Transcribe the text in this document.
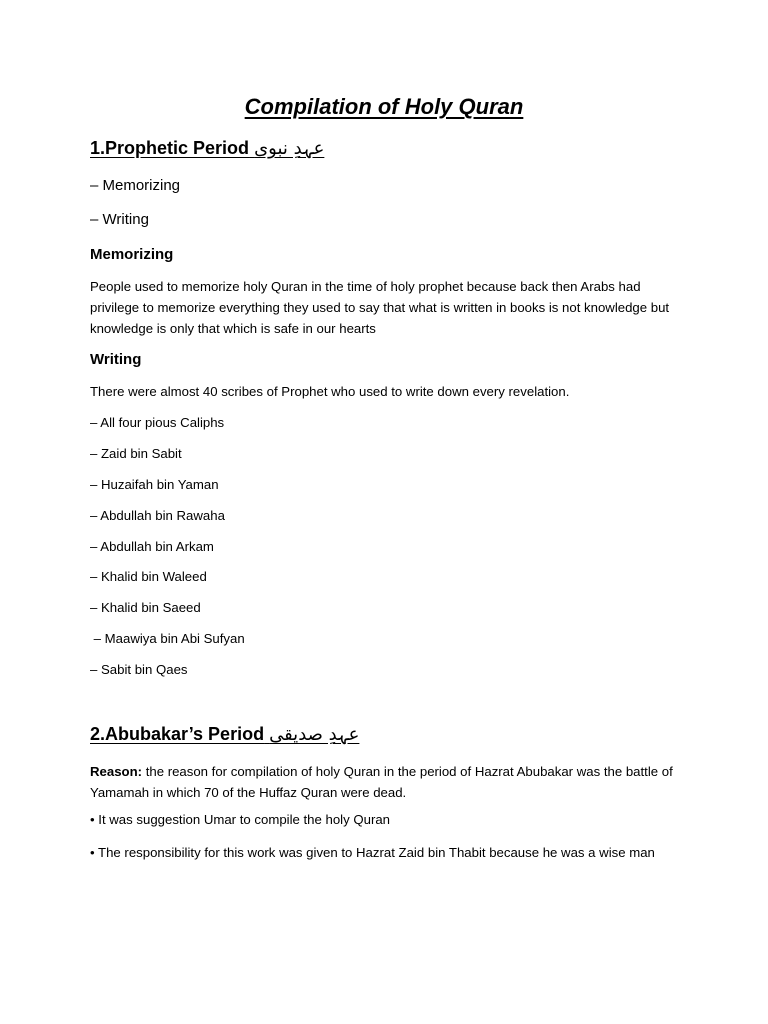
Compilation of Holy Quran
1.Prophetic Period عہدِ نبوی
– Memorizing
– Writing
Memorizing
People used to memorize holy Quran in the time of holy prophet because back then Arabs had privilege to memorize everything they used to say that what is written in books is not knowledge but knowledge is only that which is safe in our hearts
Writing
There were almost 40 scribes of Prophet who used to write down every revelation.
– All four pious Caliphs
– Zaid bin Sabit
– Huzaifah bin Yaman
– Abdullah bin Rawaha
– Abdullah bin Arkam
– Khalid bin Waleed
– Khalid bin Saeed
– Maawiya bin Abi Sufyan
– Sabit bin Qaes
2.Abubakar’s Period عہدِ صدیقی
Reason: the reason for compilation of holy Quran in the period of Hazrat Abubakar was the battle of Yamamah in which 70 of the Huffaz Quran were dead.
• It was suggestion Umar to compile the holy Quran
• The responsibility for this work was given to Hazrat Zaid bin Thabit because he was a wise man
